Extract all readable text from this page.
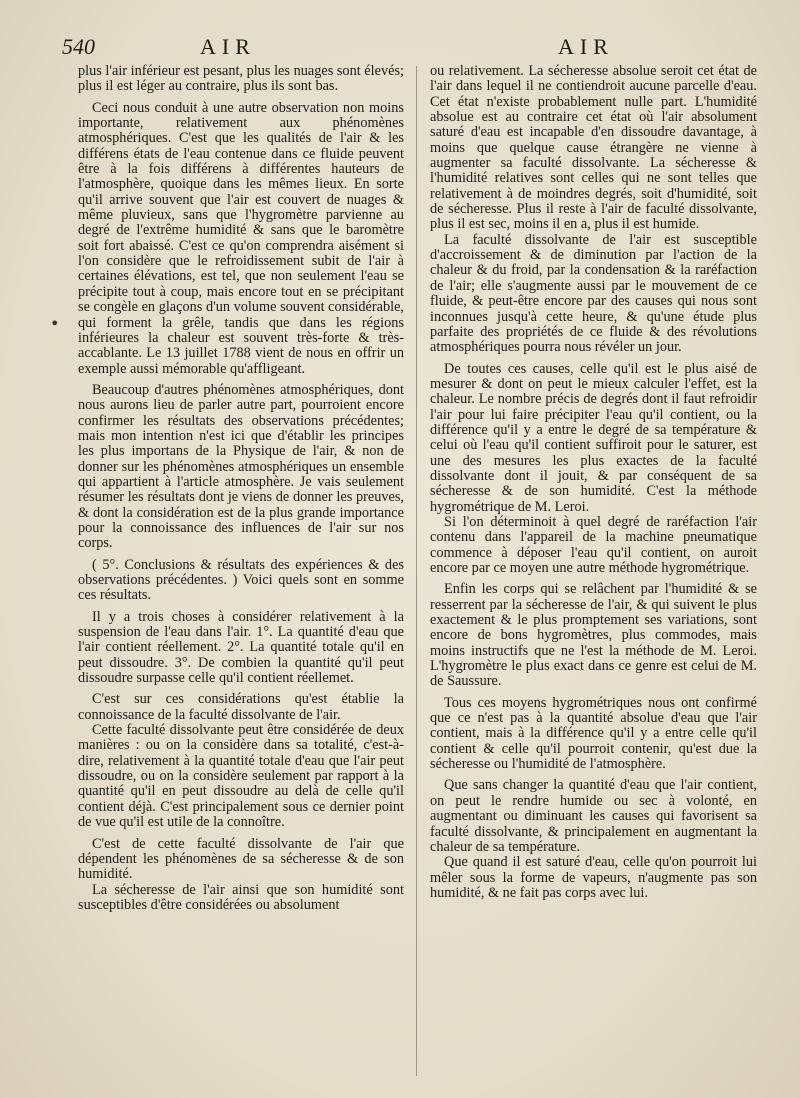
540	AIR	AIR
•

plus l'air inférieur est pesant, plus les nuages sont élevés; plus il est léger au contraire, plus ils sont bas.

Ceci nous conduit à une autre observation non moins importante, relativement aux phénomènes atmosphériques. C'est que les qualités de l'air & les différens états de l'eau contenue dans ce fluide peuvent être à la fois différens à différentes hauteurs de l'atmosphère, quoique dans les mêmes lieux. En sorte qu'il arrive souvent que l'air est couvert de nuages & même pluvieux, sans que l'hygromètre parvienne au degré de l'extrême humidité & sans que le baromètre soit fort abaissé. C'est ce qu'on comprendra aisément si l'on considère que le refroidissement subit de l'air à certaines élévations, est tel, que non seulement l'eau se précipite tout à coup, mais encore tout en se précipitant se congèle en glaçons d'un volume souvent considérable, qui forment la grêle, tandis que dans les régions inférieures la chaleur est souvent très-forte & très-accablante. Le 13 juillet 1788 vient de nous en offrir un exemple aussi mémorable qu'affligeant.

Beaucoup d'autres phénomènes atmosphériques, dont nous aurons lieu de parler autre part, pourroient encore confirmer les résultats des observations précédentes; mais mon intention n'est ici que d'établir les principes les plus importans de la Physique de l'air, & non de donner sur les phénomènes atmosphériques un ensemble qui appartient à l'article atmosphère. Je vais seulement résumer les résultats dont je viens de donner les preuves, & dont la considération est de la plus grande importance pour la connoissance des influences de l'air sur nos corps.

( 5°. Conclusions & résultats des expériences & des observations précédentes. ) Voici quels sont en somme ces résultats.

Il y a trois choses à considérer relativement à la suspension de l'eau dans l'air. 1°. La quantité d'eau que l'air contient réellement. 2°. La quantité totale qu'il en peut dissoudre. 3°. De combien la quantité qu'il peut dissoudre surpasse celle qu'il contient réellemet.

C'est sur ces considérations qu'est établie la connoissance de la faculté dissolvante de l'air.

Cette faculté dissolvante peut être considérée de deux manières : ou on la considère dans sa totalité, c'est-à-dire, relativement à la quantité totale d'eau que l'air peut dissoudre, ou on la considère seulement par rapport à la quantité qu'il en peut dissoudre au delà de celle qu'il contient déjà. C'est principalement sous ce dernier point de vue qu'il est utile de la connoître.

C'est de cette faculté dissolvante de l'air que dépendent les phénomènes de sa sécheresse & de son humidité.

La sécheresse de l'air ainsi que son humidité sont susceptibles d'être considérées ou absolument

ou relativement. La sécheresse absolue seroit cet état de l'air dans lequel il ne contiendroit aucune parcelle d'eau. Cet état n'existe probablement nulle part. L'humidité absolue est au contraire cet état où l'air absolument saturé d'eau est incapable d'en dissoudre davantage, à moins que quelque cause étrangère ne vienne à augmenter sa faculté dissolvante. La sécheresse & l'humidité relatives sont celles qui ne sont telles que relativement à de moindres degrés, soit d'humidité, soit de sécheresse. Plus il reste à l'air de faculté dissolvante, plus il est sec, moins il en a, plus il est humide.

La faculté dissolvante de l'air est susceptible d'accroissement & de diminution par l'action de la chaleur & du froid, par la condensation & la raréfaction de l'air; elle s'augmente aussi par le mouvement de ce fluide, & peut-être encore par des causes qui nous sont inconnues jusqu'à cette heure, & qu'une étude plus parfaite des propriétés de ce fluide & des révolutions atmosphériques pourra nous révéler un jour.

De toutes ces causes, celle qu'il est le plus aisé de mesurer & dont on peut le mieux calculer l'effet, est la chaleur. Le nombre précis de degrés dont il faut refroidir l'air pour lui faire précipiter l'eau qu'il contient, ou la différence qu'il y a entre le degré de sa température & celui où l'eau qu'il contient suffiroit pour le saturer, est une des mesures les plus exactes de la faculté dissolvante dont il jouit, & par conséquent de sa sécheresse & de son humidité. C'est la méthode hygrométrique de M. Leroi.

Si l'on déterminoit à quel degré de raréfaction l'air contenu dans l'appareil de la machine pneumatique commence à déposer l'eau qu'il contient, on auroit encore par ce moyen une autre méthode hygrométrique.

Enfin les corps qui se relâchent par l'humidité & se resserrent par la sécheresse de l'air, & qui suivent le plus exactement & le plus promptement ses variations, sont encore de bons hygromètres, plus commodes, mais moins instructifs que ne l'est la méthode de M. Leroi. L'hygromètre le plus exact dans ce genre est celui de M. de Saussure.

Tous ces moyens hygrométriques nous ont confirmé que ce n'est pas à la quantité absolue d'eau que l'air contient, mais à la différence qu'il y a entre celle qu'il contient & celle qu'il pourroit contenir, qu'est due la sécheresse ou l'humidité de l'atmosphère.

Que sans changer la quantité d'eau que l'air contient, on peut le rendre humide ou sec à volonté, en augmentant ou diminuant les causes qui favorisent sa faculté dissolvante, & principalement en augmentant la chaleur de sa température.

Que quand il est saturé d'eau, celle qu'on pourroit lui mêler sous la forme de vapeurs, n'augmente pas son humidité, & ne fait pas corps avec lui.
